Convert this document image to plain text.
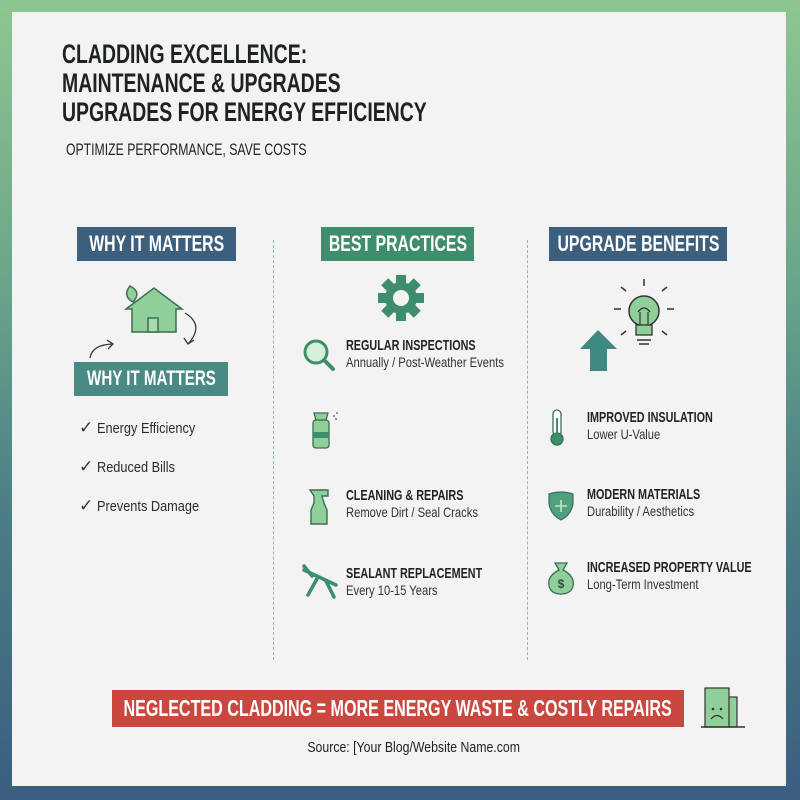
CLADDING EXCELLENCE:
MAINTENANCE & UPGRADES
UPGRADES FOR ENERGY EFFICIENCY
OPTIMIZE PERFORMANCE, SAVE COSTS
WHY IT MATTERS	BEST PRACTICES	UPGRADE BENEFITS
WHY IT MATTERS
✓ Energy Efficiency
✓ Reduced Bills
✓ Prevents Damage
REGULAR INSPECTIONS
Annually / Post-Weather Events
CLEANING & REPAIRS
Remove Dirt / Seal Cracks
SEALANT REPLACEMENT
Every 10-15 Years
IMPROVED INSULATION
Lower U-Value
MODERN MATERIALS
Durability / Aesthetics
$
INCREASED PROPERTY VALUE
Long-Term Investment
NEGLECTED CLADDING = MORE ENERGY WASTE & COSTLY REPAIRS
Source: [Your Blog/Website Name.com
